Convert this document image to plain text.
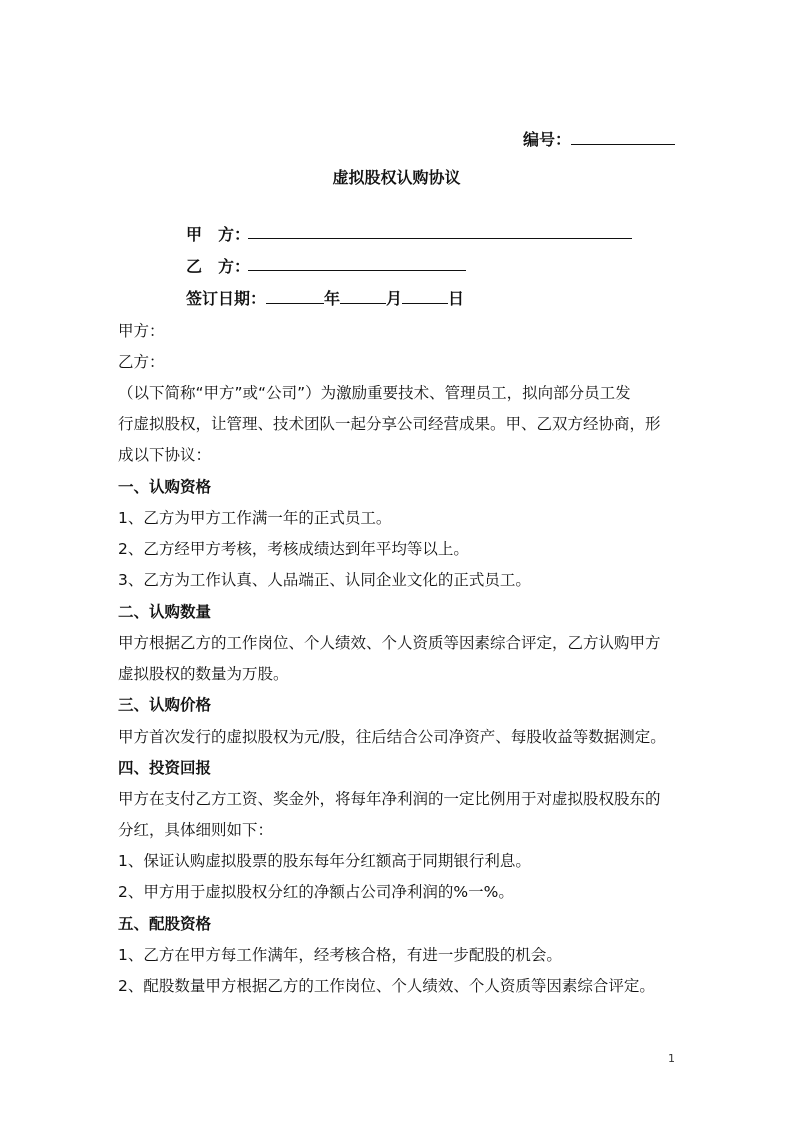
编号：
虚拟股权认购协议
甲　方：
乙　方：
签订日期：	年	月	日
甲方：
乙方：
（以下简称“甲方”或“公司”）为激励重要技术、管理员工，拟向部分员工发
行虚拟股权，让管理、技术团队一起分享公司经营成果。甲、乙双方经协商，形
成以下协议：
一、认购资格
1、乙方为甲方工作满一年的正式员工。
2、乙方经甲方考核，考核成绩达到年平均等以上。
3、乙方为工作认真、人品端正、认同企业文化的正式员工。
二、认购数量
甲方根据乙方的工作岗位、个人绩效、个人资质等因素综合评定，乙方认购甲方
虚拟股权的数量为万股。
三、认购价格
甲方首次发行的虚拟股权为元/股，往后结合公司净资产、每股收益等数据测定。
四、投资回报
甲方在支付乙方工资、奖金外，将每年净利润的一定比例用于对虚拟股权股东的
分红，具体细则如下：
1、保证认购虚拟股票的股东每年分红额高于同期银行利息。
2、甲方用于虚拟股权分红的净额占公司净利润的%一%。
五、配股资格
1、乙方在甲方每工作满年，经考核合格，有进一步配股的机会。
2、配股数量甲方根据乙方的工作岗位、个人绩效、个人资质等因素综合评定。
1
